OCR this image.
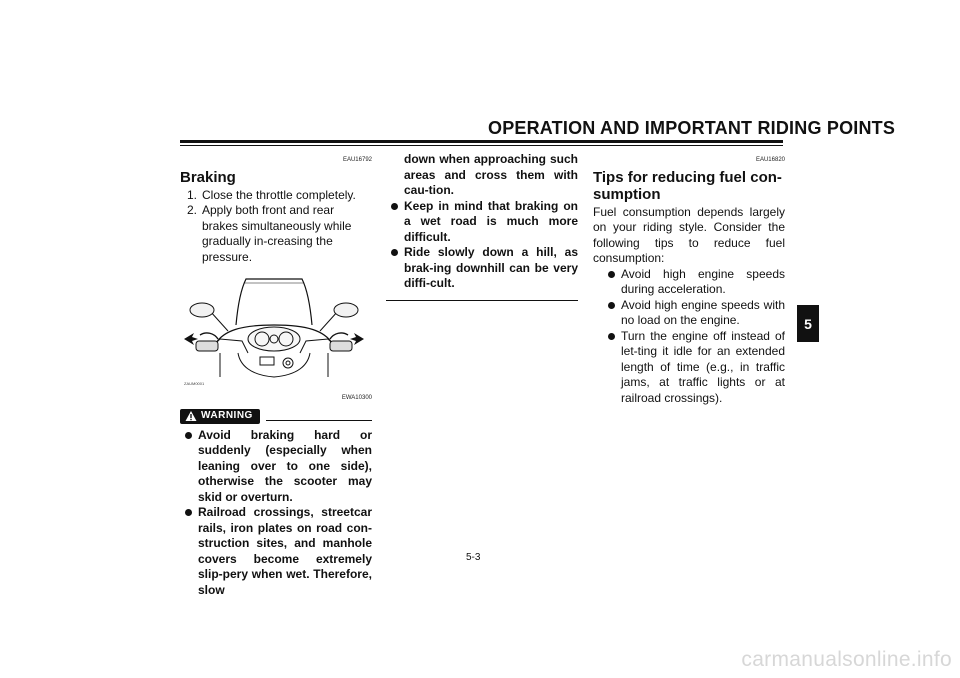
OPERATION AND IMPORTANT RIDING POINTS
5
EAU16792
Braking
1. Close the throttle completely.
2. Apply both front and rear brakes simultaneously while gradually in-creasing the pressure.
ZAUM0001
EWA10300
WARNING
Avoid braking hard or suddenly (especially when leaning over to one side), otherwise the scooter may skid or overturn.
Railroad crossings, streetcar rails, iron plates on road con-struction sites, and manhole covers become extremely slip-pery when wet. Therefore, slow
down when approaching such areas and cross them with cau-tion.
Keep in mind that braking on a wet road is much more difficult.
Ride slowly down a hill, as brak-ing downhill can be very diffi-cult.
EAU16820
Tips for reducing fuel con-sumption
Fuel consumption depends largely on your riding style. Consider the following tips to reduce fuel consumption:
Avoid high engine speeds during acceleration.
Avoid high engine speeds with no load on the engine.
Turn the engine off instead of let-ting it idle for an extended length of time (e.g., in traffic jams, at traffic lights or at railroad crossings).
5-3
carmanualsonline.info
